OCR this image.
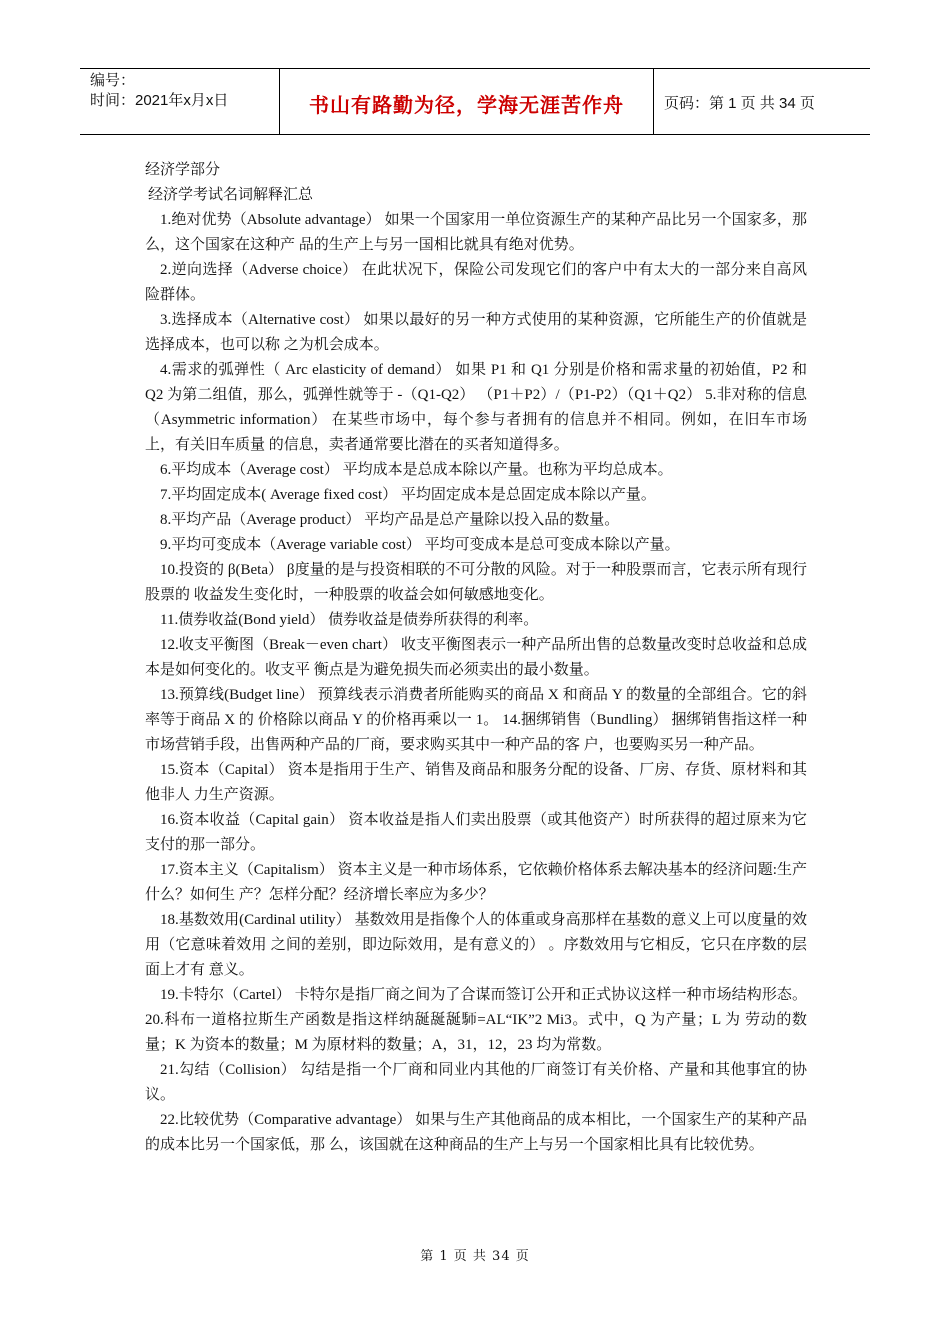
编号：
时间：2021年x月x日	书山有路勤为径，学海无涯苦作舟	页码：第 1 页 共 34 页

经济学部分

经济学考试名词解释汇总

1.绝对优势（Absolute advantage） 如果一个国家用一单位资源生产的某种产品比另一个国家多，那么，这个国家在这种产 品的生产上与另一国相比就具有绝对优势。

2.逆向选择（Adverse choice） 在此状况下，保险公司发现它们的客户中有太大的一部分来自高风险群体。

3.选择成本（Alternative cost） 如果以最好的另一种方式使用的某种资源，它所能生产的价值就是选择成本，也可以称 之为机会成本。

4.需求的弧弹性（ Arc elasticity of demand） 如果 P1 和 Q1 分别是价格和需求量的初始值，P2 和 Q2 为第二组值，那么，弧弹性就等于 -（Q1-Q2） （P1＋P2）/（P1-P2）（Q1＋Q2） 5.非对称的信息（Asymmetric information） 在某些市场中，每个参与者拥有的信息并不相同。例如，在旧车市场上，有关旧车质量 的信息，卖者通常要比潜在的买者知道得多。

6.平均成本（Average cost） 平均成本是总成本除以产量。也称为平均总成本。

7.平均固定成本( Average fixed cost） 平均固定成本是总固定成本除以产量。

8.平均产品（Average product） 平均产品是总产量除以投入品的数量。

9.平均可变成本（Average variable cost） 平均可变成本是总可变成本除以产量。

10.投资的 β(Beta） β度量的是与投资相联的不可分散的风险。对于一种股票而言，它表示所有现行股票的 收益发生变化时，一种股票的收益会如何敏感地变化。

11.债券收益(Bond yield） 债券收益是债券所获得的利率。

12.收支平衡图（Break－even chart） 收支平衡图表示一种产品所出售的总数量改变时总收益和总成本是如何变化的。收支平 衡点是为避免损失而必须卖出的最小数量。

13.预算线(Budget line） 预算线表示消费者所能购买的商品 X 和商品 Y 的数量的全部组合。它的斜率等于商品 X 的 价格除以商品 Y 的价格再乘以一 1。 14.捆绑销售（Bundling） 捆绑销售指这样一种市场营销手段，出售两种产品的厂商，要求购买其中一种产品的客 户，也要购买另一种产品。

15.资本（Capital） 资本是指用于生产、销售及商品和服务分配的设备、厂房、存货、原材料和其他非人 力生产资源。

16.资本收益（Capital gain） 资本收益是指人们卖出股票（或其他资产）时所获得的超过原来为它支付的那一部分。

17.资本主义（Capitalism） 资本主义是一种市场体系，它依赖价格体系去解决基本的经济问题:生产什么？如何生 产？怎样分配？经济增长率应为多少？

18.基数效用(Cardinal utility） 基数效用是指像个人的体重或身高那样在基数的意义上可以度量的效用（它意味着效用 之间的差别，即边际效用，是有意义的） 。序数效用与它相反，它只在序数的层面上才有 意义。

19.卡特尔（Cartel） 卡特尔是指厂商之间为了合谋而签订公开和正式协议这样一种市场结构形态。 20.科布一道格拉斯生产函数是指这样纳𦧝𦧝𦧝𩡸=AL“IK”2 Mi3。式中，Q 为产量；L 为 劳动的数量；K 为资本的数量；M 为原材料的数量；A，31，12，23 均为常数。

21.勾结（Collision） 勾结是指一个厂商和同业内其他的厂商签订有关价格、产量和其他事宜的协议。

22.比较优势（Comparative advantage） 如果与生产其他商品的成本相比，一个国家生产的某种产品的成本比另一个国家低，那 么，该国就在这种商品的生产上与另一个国家相比具有比较优势。

第 1 页 共 34 页
